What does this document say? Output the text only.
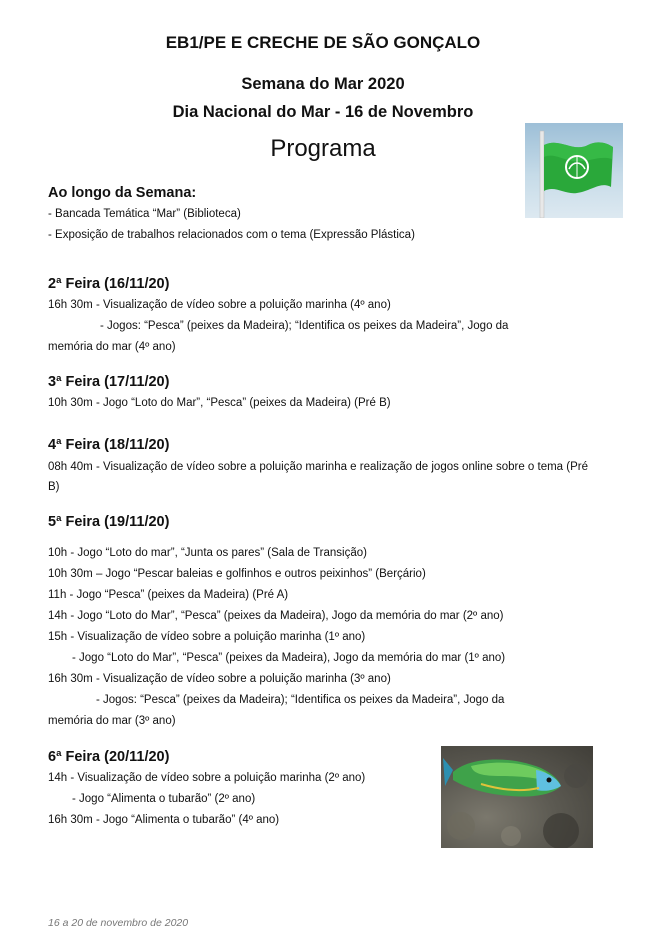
EB1/PE E CRECHE DE SÃO GONÇALO
Semana do Mar 2020
Dia Nacional do Mar - 16 de Novembro
Programa
Ao longo da Semana:
- Bancada Temática “Mar” (Biblioteca)
- Exposição de trabalhos relacionados com o tema (Expressão Plástica)
2ª Feira (16/11/20)
16h 30m - Visualização de vídeo sobre a poluição marinha (4º ano)
- Jogos: “Pesca” (peixes da Madeira); “Identifica os peixes da Madeira”, Jogo da
memória do mar (4º ano)
3ª Feira (17/11/20)
10h 30m - Jogo “Loto do Mar”, “Pesca” (peixes da Madeira) (Pré B)
4ª Feira (18/11/20)
08h 40m - Visualização de vídeo sobre a poluição marinha e realização de jogos online sobre o tema (Pré B)
5ª Feira (19/11/20)
10h - Jogo “Loto do mar”, “Junta os pares” (Sala de Transição)
10h 30m – Jogo “Pescar baleias e golfinhos e outros peixinhos” (Berçário)
11h - Jogo “Pesca” (peixes da Madeira) (Pré A)
14h - Jogo “Loto do Mar”, “Pesca” (peixes da Madeira), Jogo da memória do mar (2º ano)
15h - Visualização de vídeo sobre a poluição marinha (1º ano)
- Jogo “Loto do Mar”, “Pesca” (peixes da Madeira), Jogo da memória do mar (1º ano)
16h 30m - Visualização de vídeo sobre a poluição marinha (3º ano)
- Jogos: “Pesca” (peixes da Madeira); “Identifica os peixes da Madeira”, Jogo da
memória do mar (3º ano)
6ª Feira (20/11/20)
14h - Visualização de vídeo sobre a poluição marinha (2º ano)
- Jogo “Alimenta o tubarão” (2º ano)
16h 30m - Jogo “Alimenta o tubarão” (4º ano)
16 a 20 de novembro de 2020
